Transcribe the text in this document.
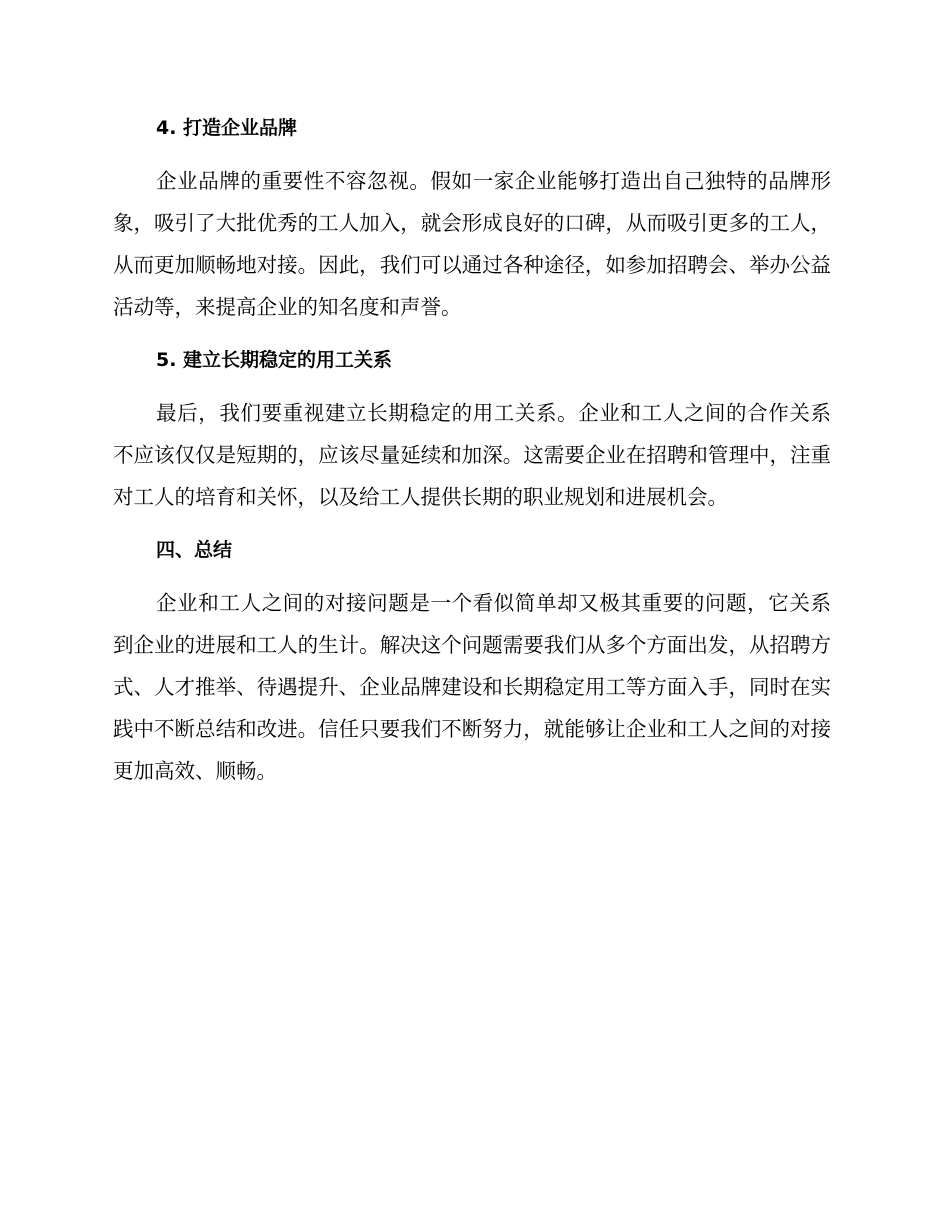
4. 打造企业品牌

企业品牌的重要性不容忽视。假如一家企业能够打造出自己独特的品牌形象，吸引了大批优秀的工人加入，就会形成良好的口碑，从而吸引更多的工人，从而更加顺畅地对接。因此，我们可以通过各种途径，如参加招聘会、举办公益活动等，来提高企业的知名度和声誉。

5. 建立长期稳定的用工关系

最后，我们要重视建立长期稳定的用工关系。企业和工人之间的合作关系不应该仅仅是短期的，应该尽量延续和加深。这需要企业在招聘和管理中，注重对工人的培育和关怀，以及给工人提供长期的职业规划和进展机会。

四、总结

企业和工人之间的对接问题是一个看似简单却又极其重要的问题，它关系到企业的进展和工人的生计。解决这个问题需要我们从多个方面出发，从招聘方式、人才推举、待遇提升、企业品牌建设和长期稳定用工等方面入手，同时在实践中不断总结和改进。信任只要我们不断努力，就能够让企业和工人之间的对接更加高效、顺畅。
